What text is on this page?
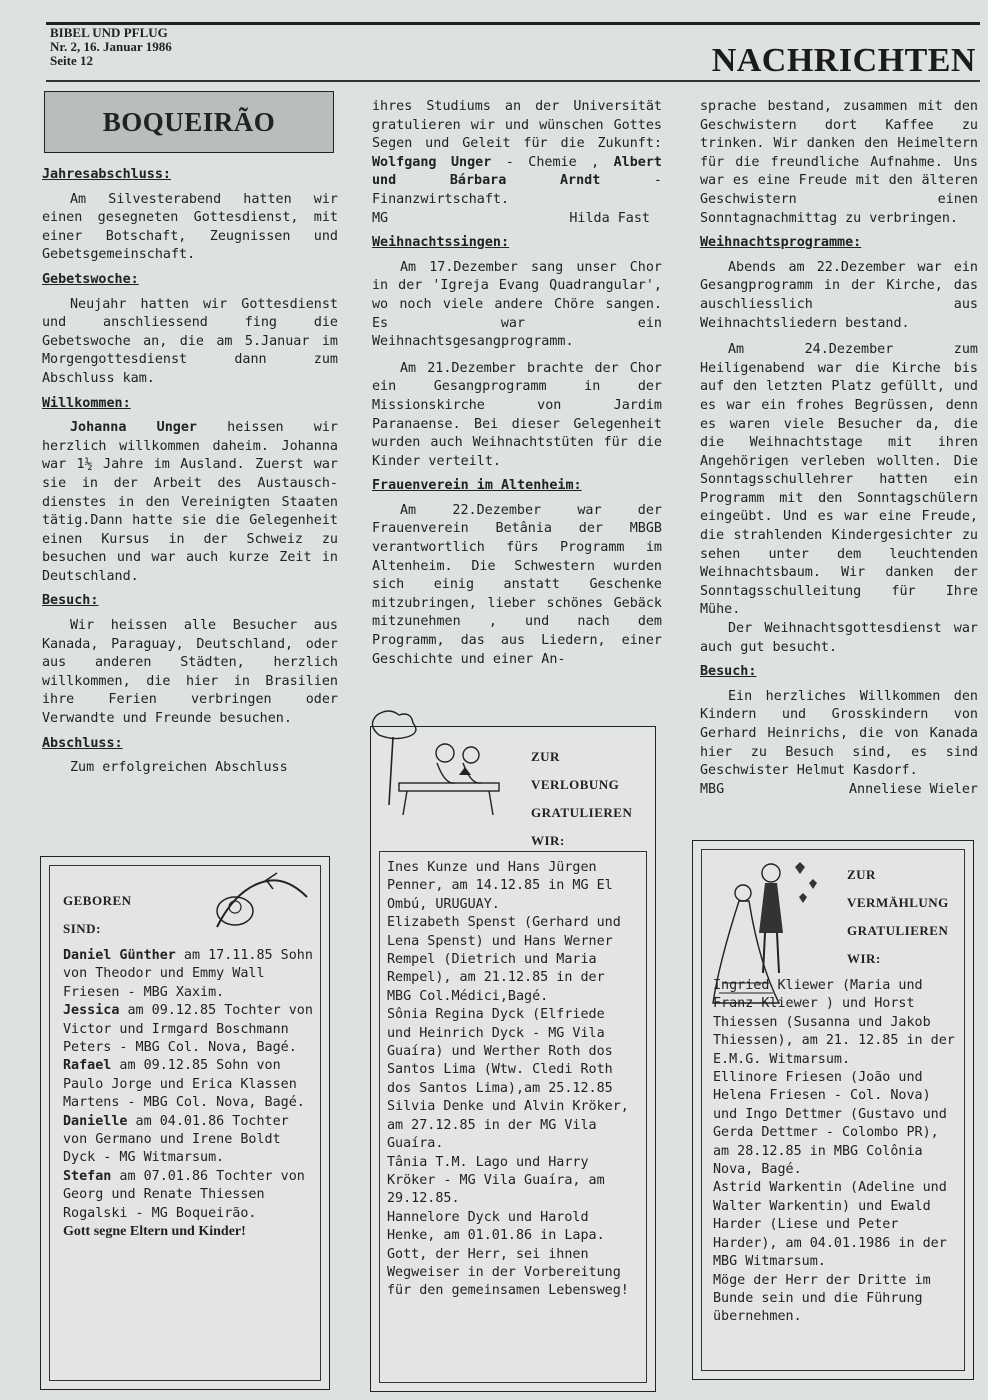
BIBEL UND PFLUG
Nr. 2, 16. Januar 1986
Seite 12	NACHRICHTEN
BOQUEIRÃO
Jahresabschluss:

Am Silvesterabend hatten wir einen gesegneten Gottesdienst, mit einer Botschaft, Zeugnissen und Gebetsgemeinschaft.

Gebetswoche:

Neujahr hatten wir Gottesdienst und anschliessend fing die Gebetswoche an, die am 5.Januar im Morgengottesdienst dann zum Abschluss kam.

Willkommen:

Johanna Unger heissen wir herzlich willkommen daheim. Johanna war 1½ Jahre im Ausland. Zuerst war sie in der Arbeit des Austausch-dienstes in den Vereinigten Staaten tätig.Dann hatte sie die Gelegenheit einen Kursus in der Schweiz zu besuchen und war auch kurze Zeit in Deutschland.

Besuch:

Wir heissen alle Besucher aus Kanada, Paraguay, Deutschland, oder aus anderen Städten, herzlich willkommen, die hier in Brasilien ihre Ferien verbringen oder Verwandte und Freunde besuchen.

Abschluss:

Zum erfolgreichen Abschluss

GEBOREN
SIND:

Daniel Günther am 17.11.85 Sohn von Theodor und Emmy Wall Friesen - MBG Xaxim.

Jessica am 09.12.85 Tochter von Victor und Irmgard Boschmann Peters - MBG Col. Nova, Bagé.

Rafael am 09.12.85 Sohn von Paulo Jorge und Erica Klassen Martens - MBG Col. Nova, Bagé.

Danielle am 04.01.86 Tochter von Germano und Irene Boldt Dyck - MG Witmarsum.

Stefan am 07.01.86 Tochter von Georg und Renate Thiessen Rogalski - MG Boqueirão.

Gott segne Eltern und Kinder!

ihres Studiums an der Universität gratulieren wir und wünschen Gottes Segen und Geleit für die Zukunft: Wolfgang Unger - Chemie , Albert und Bárbara Arndt - Finanzwirtschaft.

MG	Hilda Fast
Weihnachtssingen:

Am 17.Dezember sang unser Chor in der 'Igreja Evang Quadrangular', wo noch viele andere Chöre sangen. Es war ein Weihnachtsgesangprogramm.

Am 21.Dezember brachte der Chor ein Gesangprogramm in der Missionskirche von Jardim Paranaense. Bei dieser Gelegenheit wurden auch Weihnachtstüten für die Kinder verteilt.

Frauenverein im Altenheim:

Am 22.Dezember war der Frauenverein Betânia der MBGB verantwortlich fürs Programm im Altenheim. Die Schwestern wurden sich einig anstatt Geschenke mitzubringen, lieber schönes Gebäck mitzunehmen , und nach dem Programm, das aus Liedern, einer Geschichte und einer An-

ZUR
VERLOBUNG
GRATULIEREN
WIR:

Ines Kunze und Hans Jürgen Penner, am 14.12.85 in MG El Ombú, URUGUAY.

Elizabeth Spenst (Gerhard und Lena Spenst) und Hans Werner Rempel (Dietrich und Maria Rempel), am 21.12.85 in der MBG Col.Médici,Bagé.

Sônia Regina Dyck (Elfriede und Heinrich Dyck - MG Vila Guaíra) und Werther Roth dos Santos Lima (Wtw. Cledi Roth dos Santos Lima),am 25.12.85

Silvia Denke und Alvin Kröker, am 27.12.85 in der MG Vila Guaíra.

Tânia T.M. Lago und Harry Kröker - MG Vila Guaíra, am 29.12.85.

Hannelore Dyck und Harold Henke, am 01.01.86 in Lapa.

Gott, der Herr, sei ihnen Wegweiser in der Vorbereitung für den gemeinsamen Lebensweg!

sprache bestand, zusammen mit den Geschwistern dort Kaffee zu trinken. Wir danken den Heimeltern für die freundliche Aufnahme. Uns war es eine Freude mit den älteren Geschwistern einen Sonntagnachmittag zu verbringen.

Weihnachtsprogramme:

Abends am 22.Dezember war ein Gesangprogramm in der Kirche, das auschliesslich aus Weihnachtsliedern bestand.

Am 24.Dezember zum Heiligenabend war die Kirche bis auf den letzten Platz gefüllt, und es war ein frohes Begrüssen, denn es waren viele Besucher da, die die Weihnachtstage mit ihren Angehörigen verleben wollten. Die Sonntagsschullehrer hatten ein Programm mit den Sonntagschülern eingeübt. Und es war eine Freude, die strahlenden Kindergesichter zu sehen unter dem leuchtenden Weihnachtsbaum. Wir danken der Sonntagsschulleitung für Ihre Mühe.

Der Weihnachtsgottesdienst war auch gut besucht.

Besuch:

Ein herzliches Willkommen den Kindern und Grosskindern von Gerhard Heinrichs, die von Kanada hier zu Besuch sind, es sind Geschwister Helmut Kasdorf.

MBG	Anneliese Wieler
ZUR
VERMÄHLUNG
GRATULIEREN
WIR:

Ingried Kliewer (Maria und Franz Kliewer ) und Horst Thiessen (Susanna und Jakob Thiessen), am 21. 12.85 in der E.M.G. Witmarsum.

Ellinore Friesen (João und Helena Friesen - Col. Nova) und Ingo Dettmer (Gustavo und Gerda Dettmer - Colombo PR), am 28.12.85 in MBG Colônia Nova, Bagé.

Astrid Warkentin (Adeline und Walter Warkentin) und Ewald Harder (Liese und Peter Harder), am 04.01.1986 in der MBG Witmarsum.

Möge der Herr der Dritte im Bunde sein und die Führung übernehmen.
